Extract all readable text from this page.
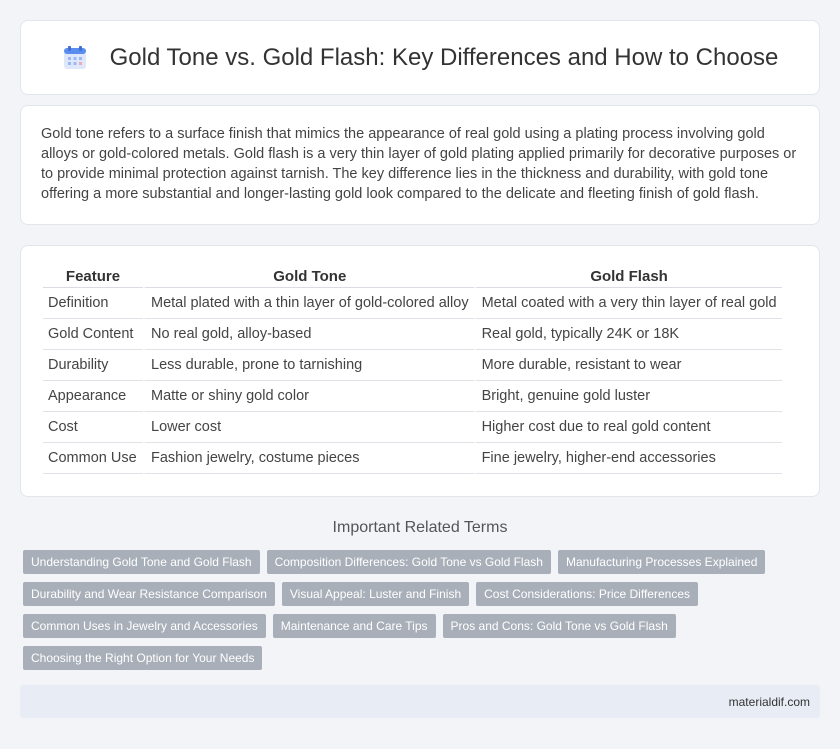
Gold Tone vs. Gold Flash: Key Differences and How to Choose

Gold tone refers to a surface finish that mimics the appearance of real gold using a plating process involving gold alloys or gold-colored metals. Gold flash is a very thin layer of gold plating applied primarily for decorative purposes or to provide minimal protection against tarnish. The key difference lies in the thickness and durability, with gold tone offering a more substantial and longer-lasting gold look compared to the delicate and fleeting finish of gold flash.

Feature	Gold Tone	Gold Flash
Definition	Metal plated with a thin layer of gold-colored alloy	Metal coated with a very thin layer of real gold
Gold Content	No real gold, alloy-based	Real gold, typically 24K or 18K
Durability	Less durable, prone to tarnishing	More durable, resistant to wear
Appearance	Matte or shiny gold color	Bright, genuine gold luster
Cost	Lower cost	Higher cost due to real gold content
Common Use	Fashion jewelry, costume pieces	Fine jewelry, higher-end accessories
Important Related Terms
Understanding Gold Tone and Gold Flash	Composition Differences: Gold Tone vs Gold Flash	Manufacturing Processes Explained
Durability and Wear Resistance Comparison	Visual Appeal: Luster and Finish	Cost Considerations: Price Differences
Common Uses in Jewelry and Accessories	Maintenance and Care Tips	Pros and Cons: Gold Tone vs Gold Flash
Choosing the Right Option for Your Needs
materialdif.com
